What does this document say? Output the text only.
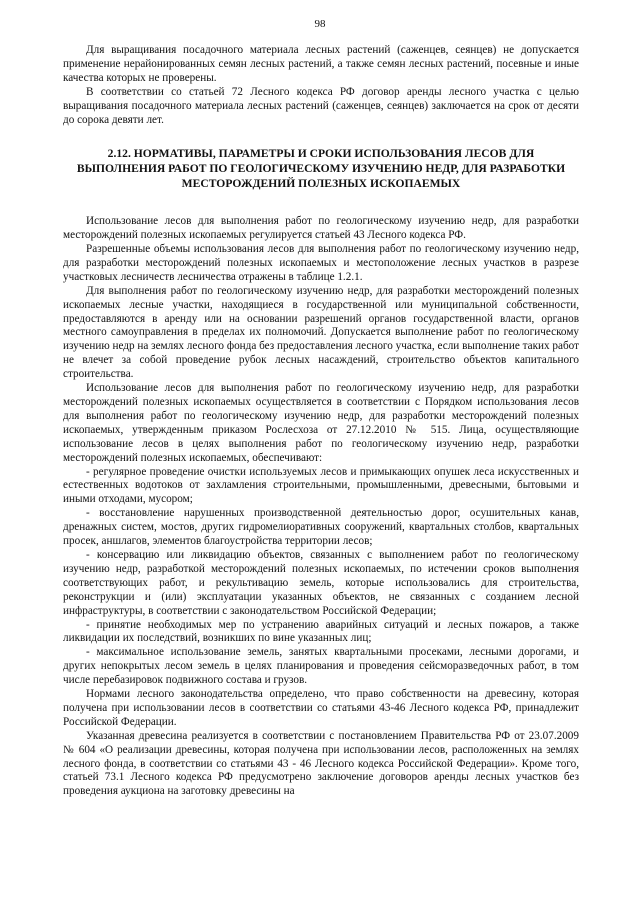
98

Для выращивания посадочного материала лесных растений (саженцев, сеянцев) не допускается применение нерайонированных семян лесных растений, а также семян лесных растений, посевные и иные качества которых не проверены.

В соответствии со статьей 72 Лесного кодекса РФ договор аренды лесного участка с целью выращивания посадочного материала лесных растений (саженцев, сеянцев) заключается на срок от десяти до сорока девяти лет.

2.12. НОРМАТИВЫ, ПАРАМЕТРЫ И СРОКИ ИСПОЛЬЗОВАНИЯ ЛЕСОВ ДЛЯ ВЫПОЛНЕНИЯ РАБОТ ПО ГЕОЛОГИЧЕСКОМУ ИЗУЧЕНИЮ НЕДР, ДЛЯ РАЗРАБОТКИ МЕСТОРОЖДЕНИЙ ПОЛЕЗНЫХ ИСКОПАЕМЫХ

Использование лесов для выполнения работ по геологическому изучению недр, для разработки месторождений полезных ископаемых регулируется статьей 43 Лесного кодекса РФ.

Разрешенные объемы использования лесов для выполнения работ по геологическому изучению недр, для разработки месторождений полезных ископаемых и местоположение лесных участков в разрезе участковых лесничеств лесничества отражены в таблице 1.2.1.

Для выполнения работ по геологическому изучению недр, для разработки месторождений полезных ископаемых лесные участки, находящиеся в государственной или муниципальной собственности, предоставляются в аренду или на основании разрешений органов государственной власти, органов местного самоуправления в пределах их полномочий. Допускается выполнение работ по геологическому изучению недр на землях лесного фонда без предоставления лесного участка, если выполнение таких работ не влечет за собой проведение рубок лесных насаждений, строительство объектов капитального строительства.

Использование лесов для выполнения работ по геологическому изучению недр, для разработки месторождений полезных ископаемых осуществляется в соответствии с Порядком использования лесов для выполнения работ по геологическому изучению недр, для разработки месторождений полезных ископаемых, утвержденным приказом Рослесхоза от 27.12.2010 № 515. Лица, осуществляющие использование лесов в целях выполнения работ по геологическому изучению недр, разработки месторождений полезных ископаемых, обеспечивают:

- регулярное проведение очистки используемых лесов и примыкающих опушек леса искусственных и естественных водотоков от захламления строительными, промышленными, древесными, бытовыми и иными отходами, мусором;

- восстановление нарушенных производственной деятельностью дорог, осушительных канав, дренажных систем, мостов, других гидромелиоративных сооружений, квартальных столбов, квартальных просек, аншлагов, элементов благоустройства территории лесов;

- консервацию или ликвидацию объектов, связанных с выполнением работ по геологическому изучению недр, разработкой месторождений полезных ископаемых, по истечении сроков выполнения соответствующих работ, и рекультивацию земель, которые использовались для строительства, реконструкции и (или) эксплуатации указанных объектов, не связанных с созданием лесной инфраструктуры, в соответствии с законодательством Российской Федерации;

- принятие необходимых мер по устранению аварийных ситуаций и лесных пожаров, а также ликвидации их последствий, возникших по вине указанных лиц;

- максимальное использование земель, занятых квартальными просеками, лесными дорогами, и других непокрытых лесом земель в целях планирования и проведения сейсморазведочных работ, в том числе перебазировок подвижного состава и грузов.

Нормами лесного законодательства определено, что право собственности на древесину, которая получена при использовании лесов в соответствии со статьями 43-46 Лесного кодекса РФ, принадлежит Российской Федерации.

Указанная древесина реализуется в соответствии с постановлением Правительства РФ от 23.07.2009 № 604 «О реализации древесины, которая получена при использовании лесов, расположенных на землях лесного фонда, в соответствии со статьями 43 - 46 Лесного кодекса Российской Федерации». Кроме того, статьей 73.1 Лесного кодекса РФ предусмотрено заключение договоров аренды лесных участков без проведения аукциона на заготовку древесины на
